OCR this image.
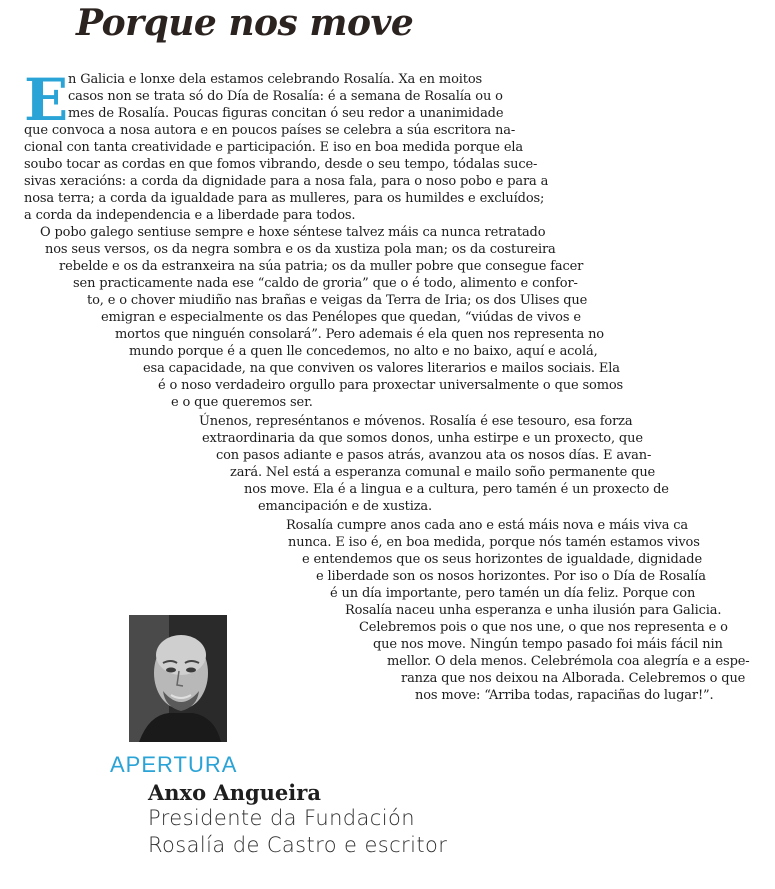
Porque nos move
E n Galicia e lonxe dela estamos celebrando Rosalía. Xa en moitos

casos non se trata só do Día de Rosalía: é a semana de Rosalía ou o

mes de Rosalía. Poucas figuras concitan ó seu redor a unanimidade

que convoca a nosa autora e en poucos países se celebra a súa escritora na-

cional con tanta creatividade e participación. E iso en boa medida porque ela

soubo tocar as cordas en que fomos vibrando, desde o seu tempo, tódalas suce-

sivas xeracións: a corda da dignidade para a nosa fala, para o noso pobo e para a

nosa terra; a corda da igualdade para as mulleres, para os humildes e excluídos;

a corda da independencia e a liberdade para todos.

O pobo galego sentiuse sempre e hoxe séntese talvez máis ca nunca retratado

nos seus versos, os da negra sombra e os da xustiza pola man; os da costureira

rebelde e os da estranxeira na súa patria; os da muller pobre que consegue facer

sen practicamente nada ese “caldo de groria” que o é todo, alimento e confor-

to, e o chover miudiño nas brañas e veigas da Terra de Iria; os dos Ulises que

emigran e especialmente os das Penélopes que quedan, “viúdas de vivos e

mortos que ninguén consolará”. Pero ademais é ela quen nos representa no

mundo porque é a quen lle concedemos, no alto e no baixo, aquí e acolá,

esa capacidade, na que conviven os valores literarios e mailos sociais. Ela

é o noso verdadeiro orgullo para proxectar universalmente o que somos

e o que queremos ser.

Únenos, represéntanos e móvenos. Rosalía é ese tesouro, esa forza

extraordinaria da que somos donos, unha estirpe e un proxecto, que

con pasos adiante e pasos atrás, avanzou ata os nosos días. E avan-

zará. Nel está a esperanza comunal e mailo soño permanente que

nos move. Ela é a lingua e a cultura, pero tamén é un proxecto de

emancipación e de xustiza.

Rosalía cumpre anos cada ano e está máis nova e máis viva ca

nunca. E iso é, en boa medida, porque nós tamén estamos vivos

e entendemos que os seus horizontes de igualdade, dignidade

e liberdade son os nosos horizontes. Por iso o Día de Rosalía

é un día importante, pero tamén un día feliz. Porque con

Rosalía naceu unha esperanza e unha ilusión para Galicia.

Celebremos pois o que nos une, o que nos representa e o

que nos move. Ningún tempo pasado foi máis fácil nin

mellor. O dela menos. Celebrémola coa alegría e a espe-

ranza que nos deixou na Alborada. Celebremos o que

nos move: “Arriba todas, rapaciñas do lugar!”.

APERTURA

Anxo Angueira

Presidente da Fundación

Rosalía de Castro e escritor
